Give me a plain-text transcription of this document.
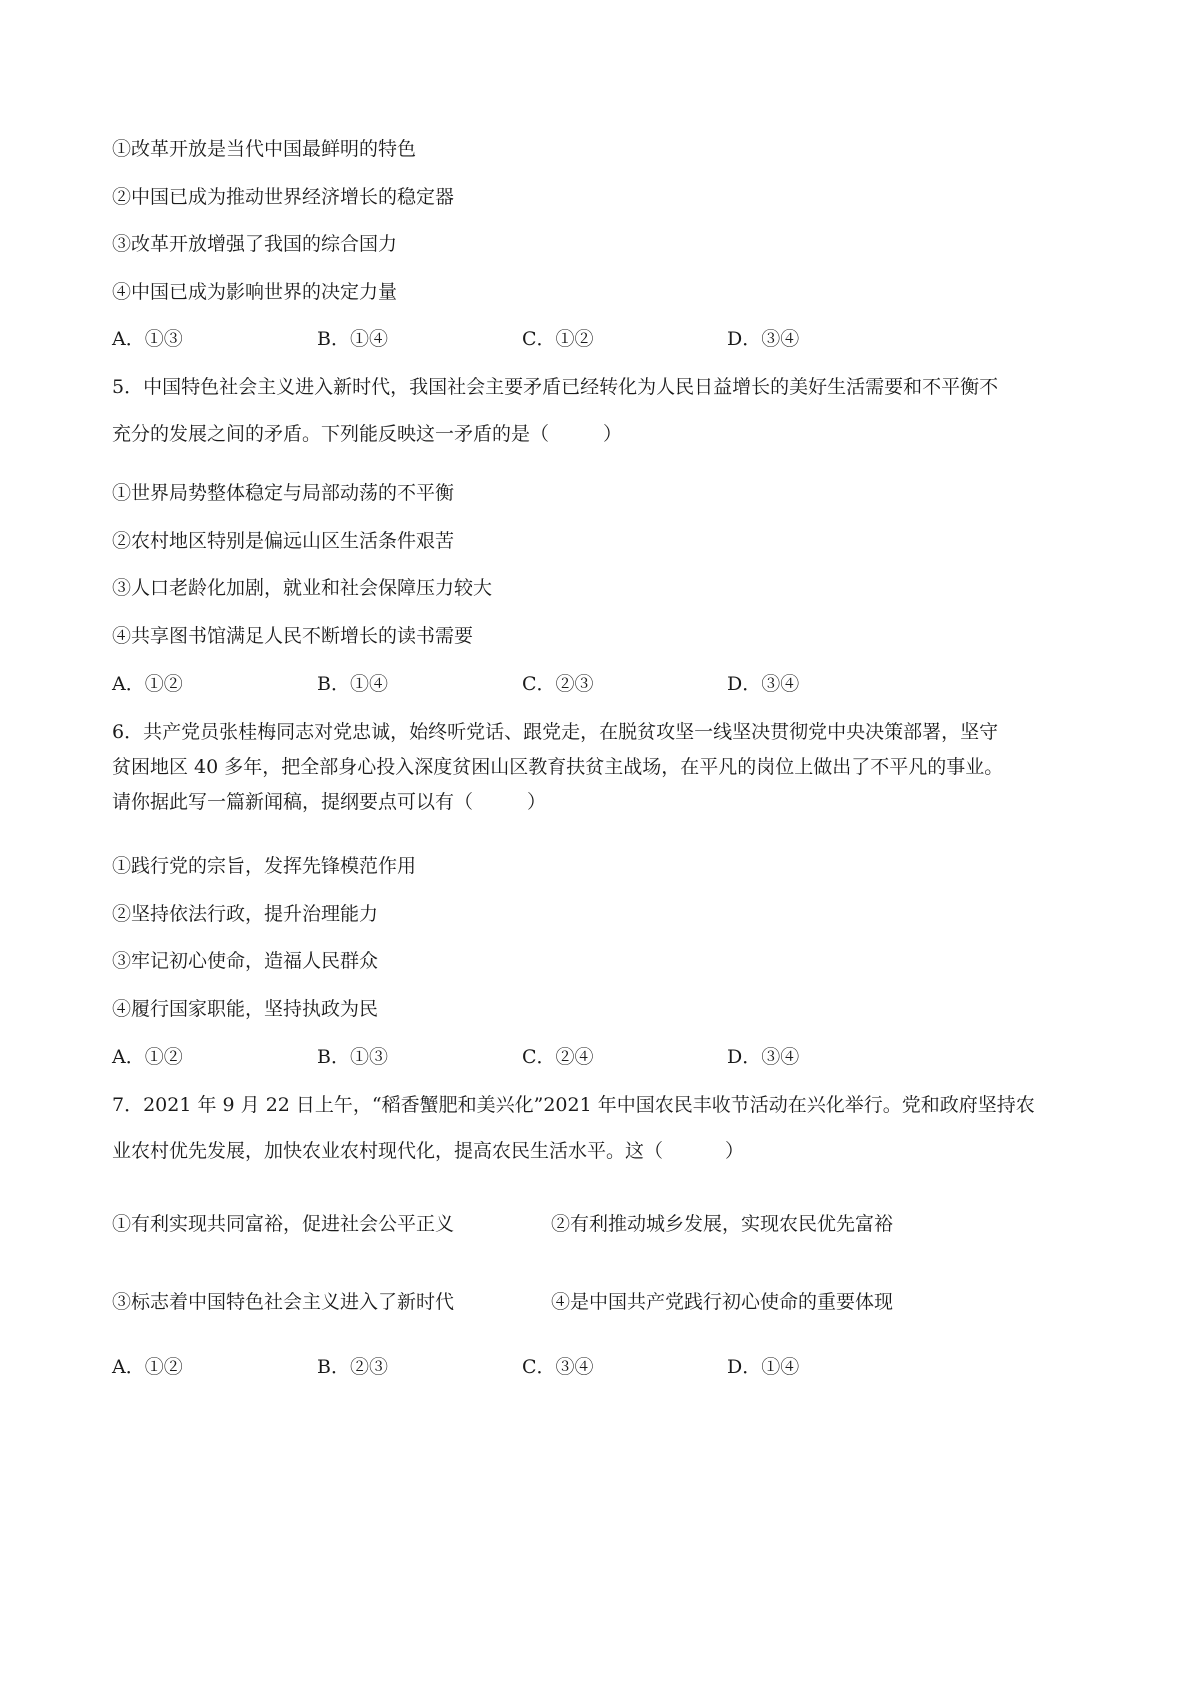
①改革开放是当代中国最鲜明的特色
②中国已成为推动世界经济增长的稳定器
③改革开放增强了我国的综合国力
④中国已成为影响世界的决定力量
A．①③	B．①④	C．①②	D．③④
5．中国特色社会主义进入新时代，我国社会主要矛盾已经转化为人民日益增长的美好生活需要和不平衡不
充分的发展之间的矛盾。下列能反映这一矛盾的是（	）
①世界局势整体稳定与局部动荡的不平衡
②农村地区特别是偏远山区生活条件艰苦
③人口老龄化加剧，就业和社会保障压力较大
④共享图书馆满足人民不断增长的读书需要
A．①②	B．①④	C．②③	D．③④
6．共产党员张桂梅同志对党忠诚，始终听党话、跟党走，在脱贫攻坚一线坚决贯彻党中央决策部署，坚守
贫困地区 40 多年，把全部身心投入深度贫困山区教育扶贫主战场，在平凡的岗位上做出了不平凡的事业。
请你据此写一篇新闻稿，提纲要点可以有（	）
①践行党的宗旨，发挥先锋模范作用
②坚持依法行政，提升治理能力
③牢记初心使命，造福人民群众
④履行国家职能，坚持执政为民
A．①②	B．①③	C．②④	D．③④
7．2021 年 9 月 22 日上午，“稻香蟹肥和美兴化”2021 年中国农民丰收节活动在兴化举行。党和政府坚持农
业农村优先发展，加快农业农村现代化，提高农民生活水平。这（	）
①有利实现共同富裕，促进社会公平正义	②有利推动城乡发展，实现农民优先富裕
③标志着中国特色社会主义进入了新时代	④是中国共产党践行初心使命的重要体现
A．①②	B．②③	C．③④	D．①④
